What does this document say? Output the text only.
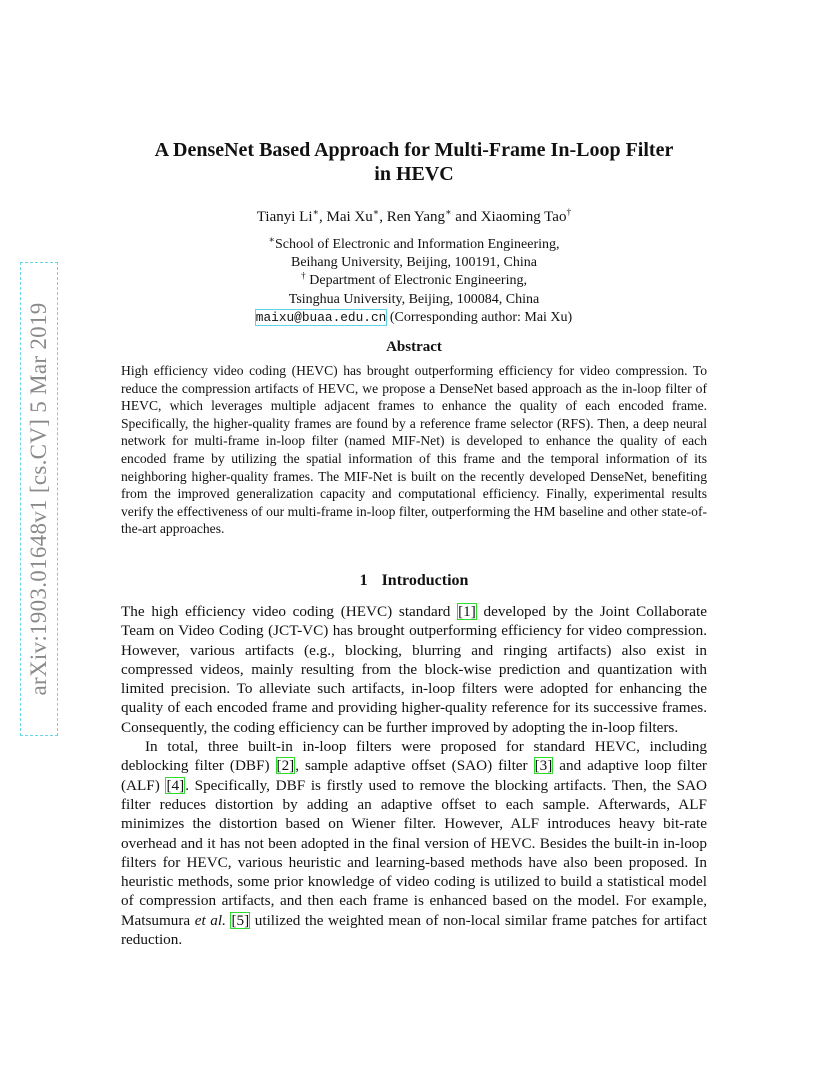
arXiv:1903.01648v1 [cs.CV] 5 Mar 2019
A DenseNet Based Approach for Multi-Frame In-Loop Filter
in HEVC
Tianyi Li∗, Mai Xu∗, Ren Yang∗ and Xiaoming Tao†
∗School of Electronic and Information Engineering,
Beihang University, Beijing, 100191, China
† Department of Electronic Engineering,
Tsinghua University, Beijing, 100084, China
maixu@buaa.edu.cn (Corresponding author: Mai Xu)
Abstract
High efficiency video coding (HEVC) has brought outperforming efficiency for video compression. To reduce the compression artifacts of HEVC, we propose a DenseNet based approach as the in-loop filter of HEVC, which leverages multiple adjacent frames to enhance the quality of each encoded frame. Specifically, the higher-quality frames are found by a reference frame selector (RFS). Then, a deep neural network for multi-frame in-loop filter (named MIF-Net) is developed to enhance the quality of each encoded frame by utilizing the spatial information of this frame and the temporal information of its neighboring higher-quality frames. The MIF-Net is built on the recently developed DenseNet, benefiting from the improved generalization capacity and computational efficiency. Finally, experimental results verify the effectiveness of our multi-frame in-loop filter, outperforming the HM baseline and other state-of-the-art approaches.
1 Introduction

The high efficiency video coding (HEVC) standard [1] developed by the Joint Collaborate Team on Video Coding (JCT-VC) has brought outperforming efficiency for video compression. However, various artifacts (e.g., blocking, blurring and ringing artifacts) also exist in compressed videos, mainly resulting from the block-wise prediction and quantization with limited precision. To alleviate such artifacts, in-loop filters were adopted for enhancing the quality of each encoded frame and providing higher-quality reference for its successive frames. Consequently, the coding efficiency can be further improved by adopting the in-loop filters.

In total, three built-in in-loop filters were proposed for standard HEVC, including deblocking filter (DBF) [2], sample adaptive offset (SAO) filter [3] and adaptive loop filter (ALF) [4]. Specifically, DBF is firstly used to remove the blocking artifacts. Then, the SAO filter reduces distortion by adding an adaptive offset to each sample. Afterwards, ALF minimizes the distortion based on Wiener filter. However, ALF introduces heavy bit-rate overhead and it has not been adopted in the final version of HEVC. Besides the built-in in-loop filters for HEVC, various heuristic and learning-based methods have also been proposed. In heuristic methods, some prior knowledge of video coding is utilized to build a statistical model of compression artifacts, and then each frame is enhanced based on the model. For example, Matsumura et al. [5] utilized the weighted mean of non-local similar frame patches for artifact reduction.
